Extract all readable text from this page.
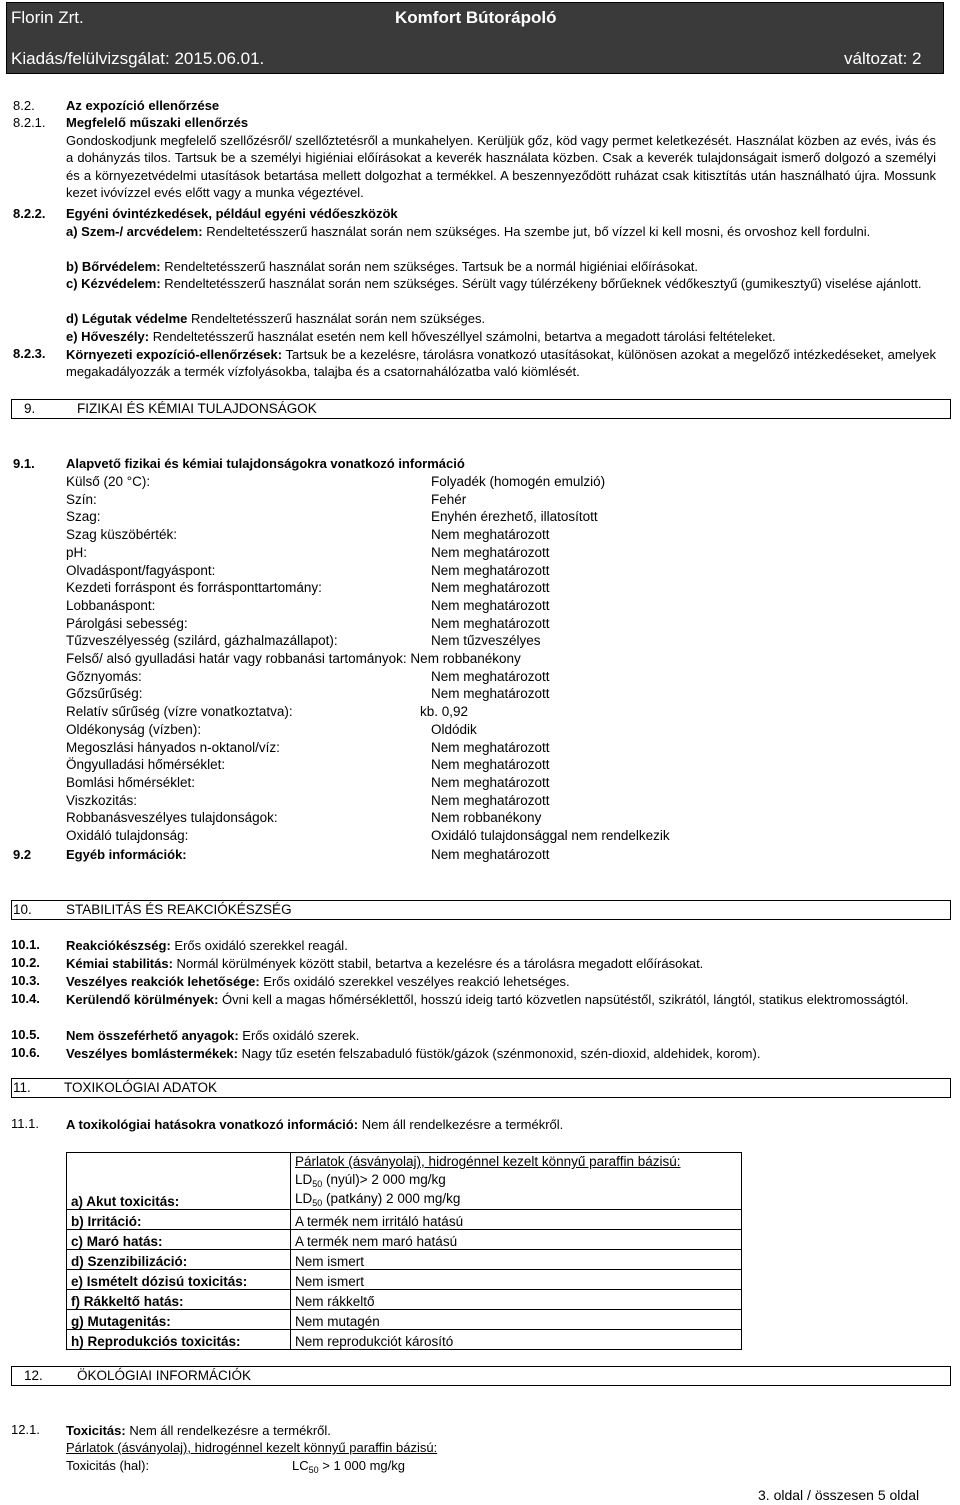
Florin Zrt.	Komfort Bútorápoló
Kiadás/felülvizsgálat: 2015.06.01.	változat: 2
8.2. Az expozíció ellenőrzése
8.2.1. Megfelelő műszaki ellenőrzés
Gondoskodjunk megfelelő szellőzésről/ szellőztetésről a munkahelyen. Kerüljük gőz, köd vagy permet keletkezését. Használat közben az evés, ivás és a dohányzás tilos. Tartsuk be a személyi higiéniai előírásokat a keverék használata közben. Csak a keverék tulajdonságait ismerő dolgozó a személyi és a környezetvédelmi utasítások betartása mellett dolgozhat a termékkel. A beszennyeződött ruházat csak kitisztítás után használható újra. Mossunk kezet ivóvízzel evés előtt vagy a munka végeztével.
8.2.2. Egyéni óvintézkedések, például egyéni védőeszközök
a) Szem-/ arcvédelem: Rendeltetésszerű használat során nem szükséges. Ha szembe jut, bő vízzel ki kell mosni, és orvoshoz kell fordulni.
b) Bőrvédelem: Rendeltetésszerű használat során nem szükséges. Tartsuk be a normál higiéniai előírásokat.
c) Kézvédelem: Rendeltetésszerű használat során nem szükséges. Sérült vagy túlérzékeny bőrűeknek védőkesztyű (gumikesztyű) viselése ajánlott.
d) Légutak védelme Rendeltetésszerű használat során nem szükséges.
e) Hőveszély: Rendeltetésszerű használat esetén nem kell hőveszéllyel számolni, betartva a megadott tárolási feltételeket.
8.2.3. Környezeti expozíció-ellenőrzések: Tartsuk be a kezelésre, tárolásra vonatkozó utasításokat, különösen azokat a megelőző intézkedéseket, amelyek megakadályozzák a termék vízfolyásokba, talajba és a csatornahálózatba való kiömlését.
9.	FIZIKAI ÉS KÉMIAI TULAJDONSÁGOK
9.1. Alapvető fizikai és kémiai tulajdonságokra vonatkozó információ
Külső (20 °C):	Folyadék (homogén emulzió)
Szín:	Fehér
Szag:	Enyhén érezhető, illatosított
Szag küszöbérték:	Nem meghatározott
pH:	Nem meghatározott
Olvadáspont/fagyáspont:	Nem meghatározott
Kezdeti forráspont és forrásponttartomány:	Nem meghatározott
Lobbanáspont:	Nem meghatározott
Párolgási sebesség:	Nem meghatározott
Tűzveszélyesség (szilárd, gázhalmazállapot):	Nem tűzveszélyes
Felső/ alsó gyulladási határ vagy robbanási tartományok: Nem robbanékony
Gőznyomás:	Nem meghatározott
Gőzsűrűség:	Nem meghatározott
Relatív sűrűség (vízre vonatkoztatva):	kb. 0,92
Oldékonyság (vízben):	Oldódik
Megoszlási hányados n-oktanol/víz:	Nem meghatározott
Öngyulladási hőmérséklet:	Nem meghatározott
Bomlási hőmérséklet:	Nem meghatározott
Viszkozitás:	Nem meghatározott
Robbanásveszélyes tulajdonságok:	Nem robbanékony
Oxidáló tulajdonság:	Oxidáló tulajdonsággal nem rendelkezik
9.2	Egyéb információk:	Nem meghatározott
10.	STABILITÁS ÉS REAKCIÓKÉSZSÉG
10.1. Reakciókészség: Erős oxidáló szerekkel reagál.
10.2. Kémiai stabilitás: Normál körülmények között stabil, betartva a kezelésre és a tárolásra megadott előírásokat.
10.3. Veszélyes reakciók lehetősége: Erős oxidáló szerekkel veszélyes reakció lehetséges.
10.4. Kerülendő körülmények: Óvni kell a magas hőmérséklettől, hosszú ideig tartó közvetlen napsütéstől, szikrától, lángtól, statikus elektromosságtól.
10.5. Nem összeférhető anyagok: Erős oxidáló szerek.
10.6. Veszélyes bomlástermékek: Nagy tűz esetén felszabaduló füstök/gázok (szénmonoxid, szén-dioxid, aldehidek, korom).
11. TOXIKOLÓGIAI ADATOK
11.1. A toxikológiai hatásokra vonatkozó információ: Nem áll rendelkezésre a termékről.
a) Akut toxicitás:	Párlatok (ásványolaj), hidrogénnel kezelt könnyű paraffin bázisú:
$LD_{50}$ (nyúl)> 2 000 mg/kg
$LD_{50}$ (patkány) 2 000 mg/kg

b) Irritáció:	A termék nem irritáló hatású
c) Maró hatás:	A termék nem maró hatású
d) Szenzibilizáció:	Nem ismert
e) Ismételt dózisú toxicitás:	Nem ismert
f) Rákkeltő hatás:	Nem rákkeltő
g) Mutagenitás:	Nem mutagén
h) Reprodukciós toxicitás:	Nem reprodukciót károsító
12.	ÖKOLÓGIAI INFORMÁCIÓK
12.1. Toxicitás: Nem áll rendelkezésre a termékről.
Párlatok (ásványolaj), hidrogénnel kezelt könnyű paraffin bázisú:
Toxicitás (hal):	$LC_{50} > 1$ 000 mg/kg
3. oldal / összesen 5 oldal
